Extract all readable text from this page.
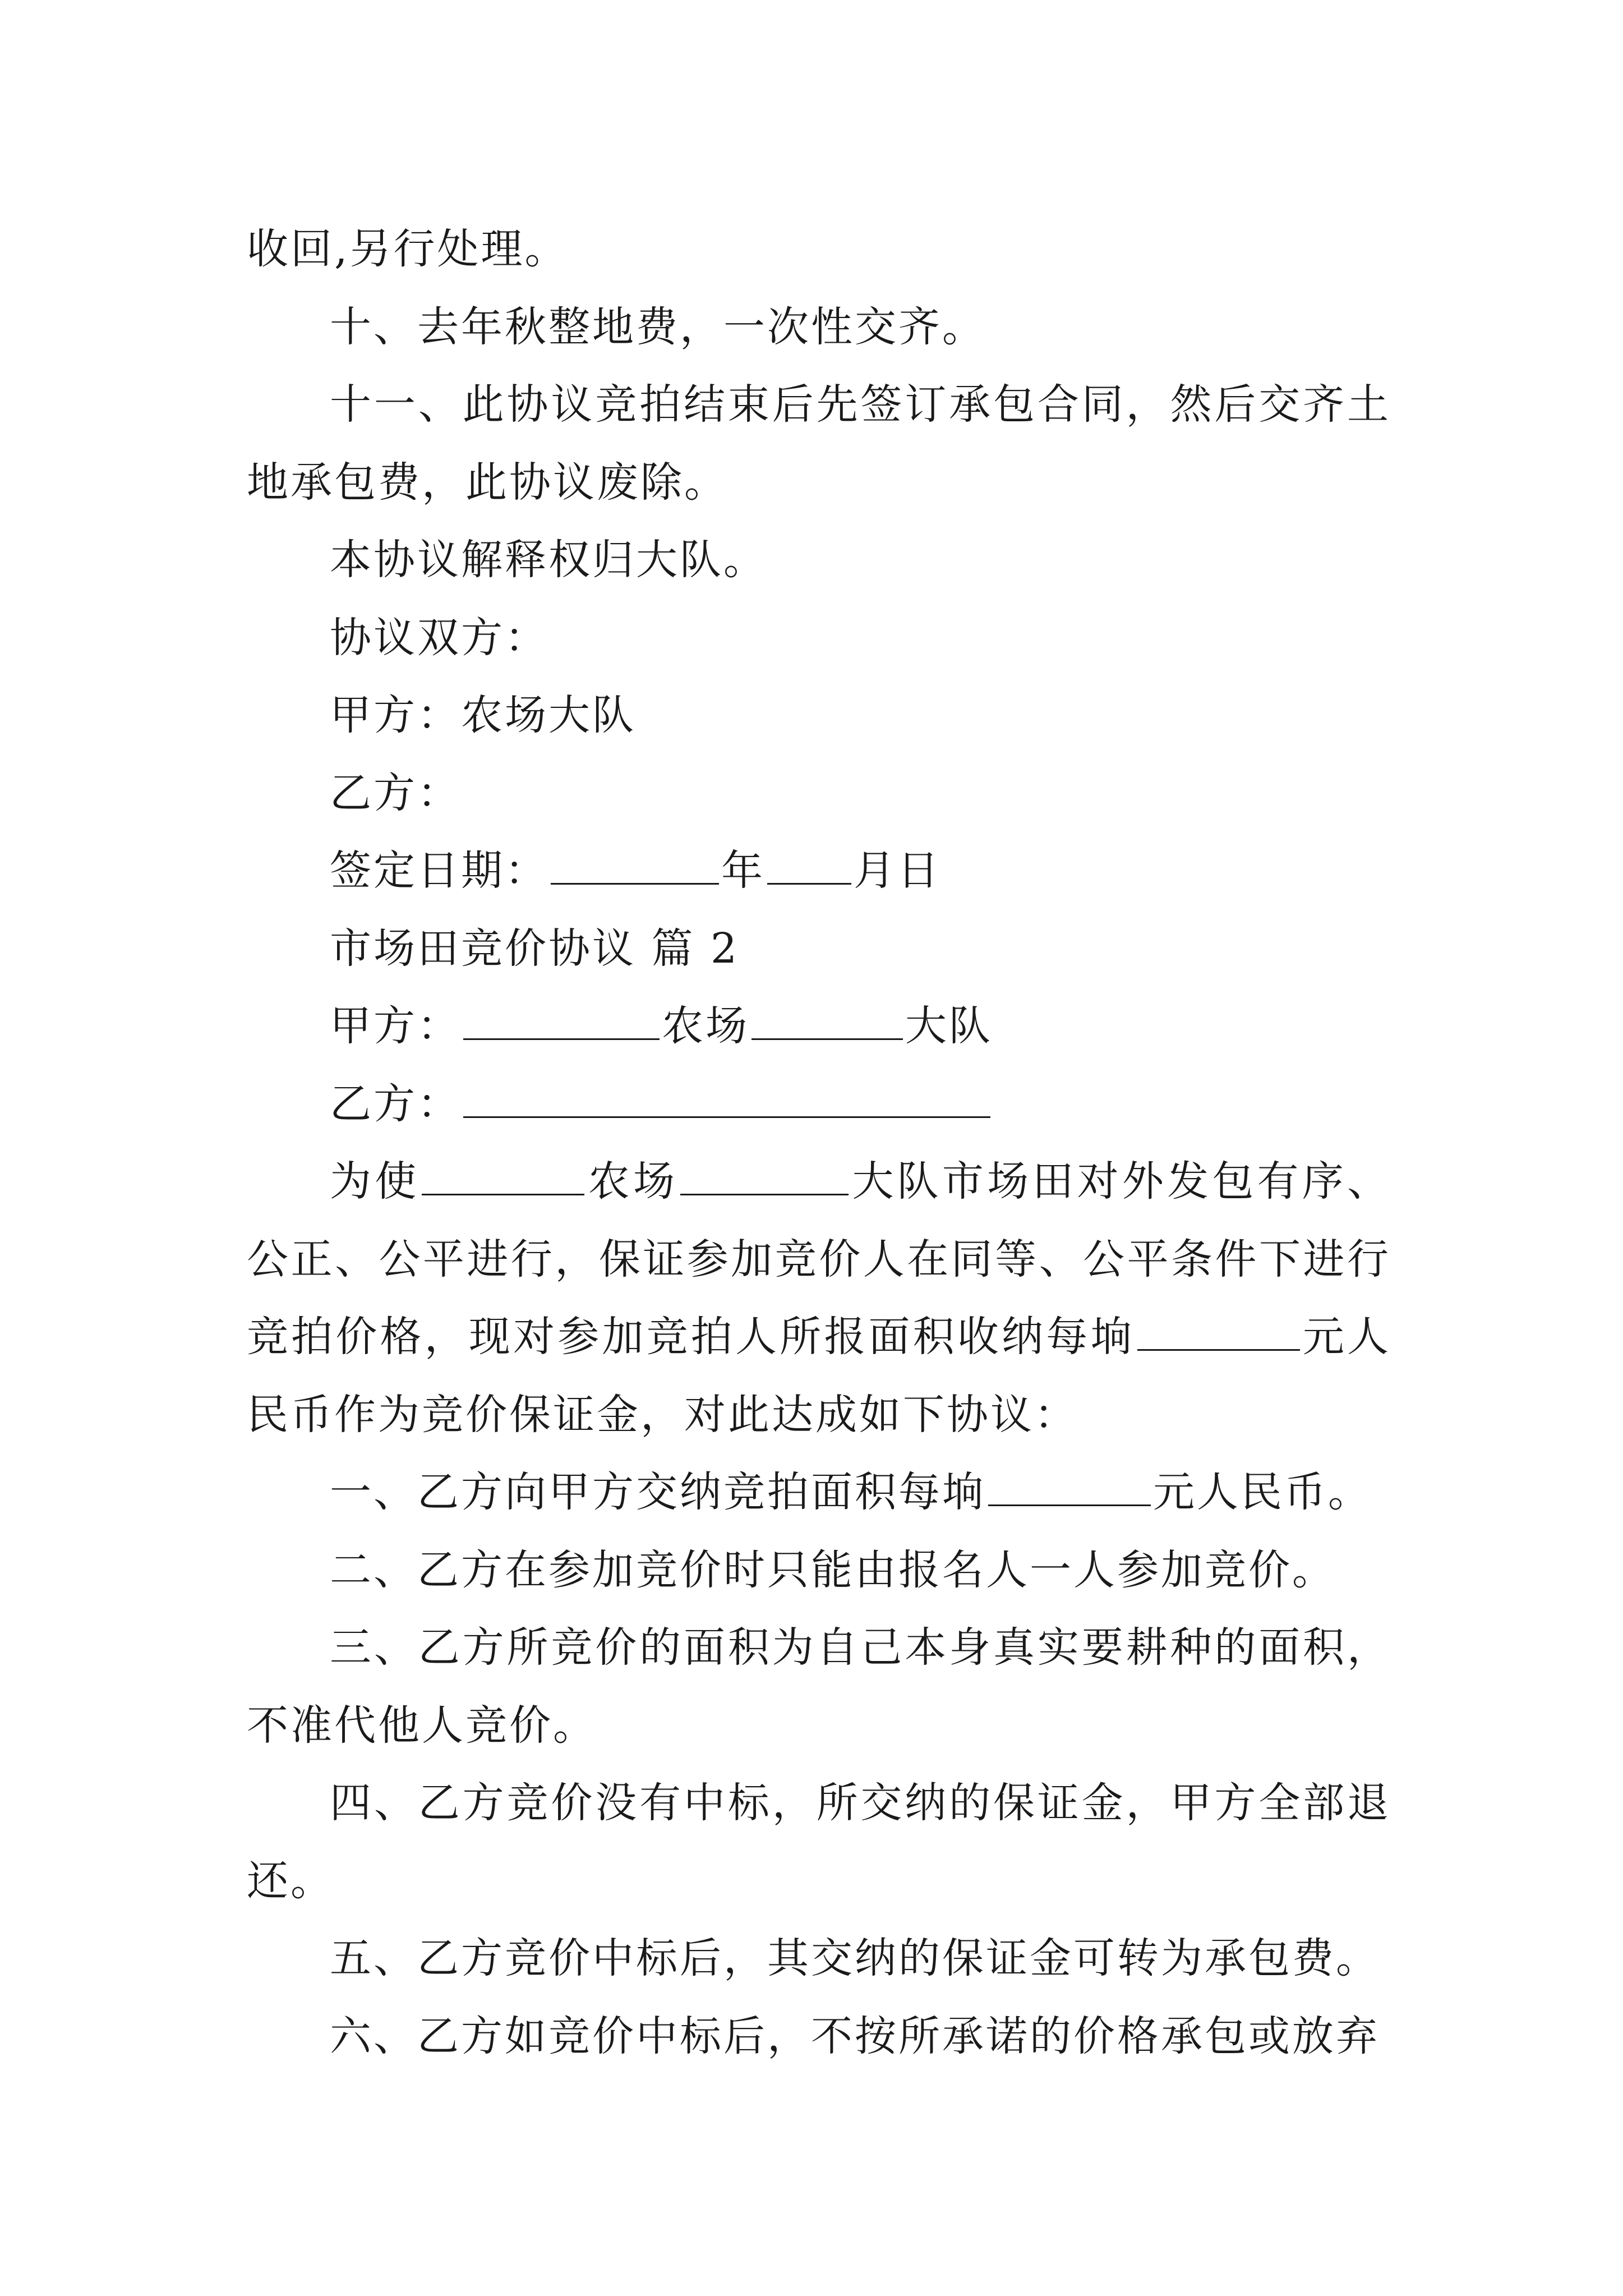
收回,另行处理。

十、去年秋整地费，一次性交齐。

十一、此协议竞拍结束后先签订承包合同，然后交齐土地承包费，此协议废除。

本协议解释权归大队。

协议双方：

甲方：农场大队

乙方：

签定日期：	年 月日

市场田竞价协议 篇 2

甲方：	农场	大队

乙方：

为使	农场	大队市场田对外发包有序、公正、公平进行，保证参加竞价人在同等、公平条件下进行竞拍价格，现对参加竞拍人所报面积收纳每垧	元人民币作为竞价保证金，对此达成如下协议：

一、乙方向甲方交纳竞拍面积每垧	元人民币。

二、乙方在参加竞价时只能由报名人一人参加竞价。

三、乙方所竞价的面积为自己本身真实要耕种的面积，不准代他人竞价。

四、乙方竞价没有中标，所交纳的保证金，甲方全部退还。

五、乙方竞价中标后，其交纳的保证金可转为承包费。

六、乙方如竞价中标后，不按所承诺的价格承包或放弃
